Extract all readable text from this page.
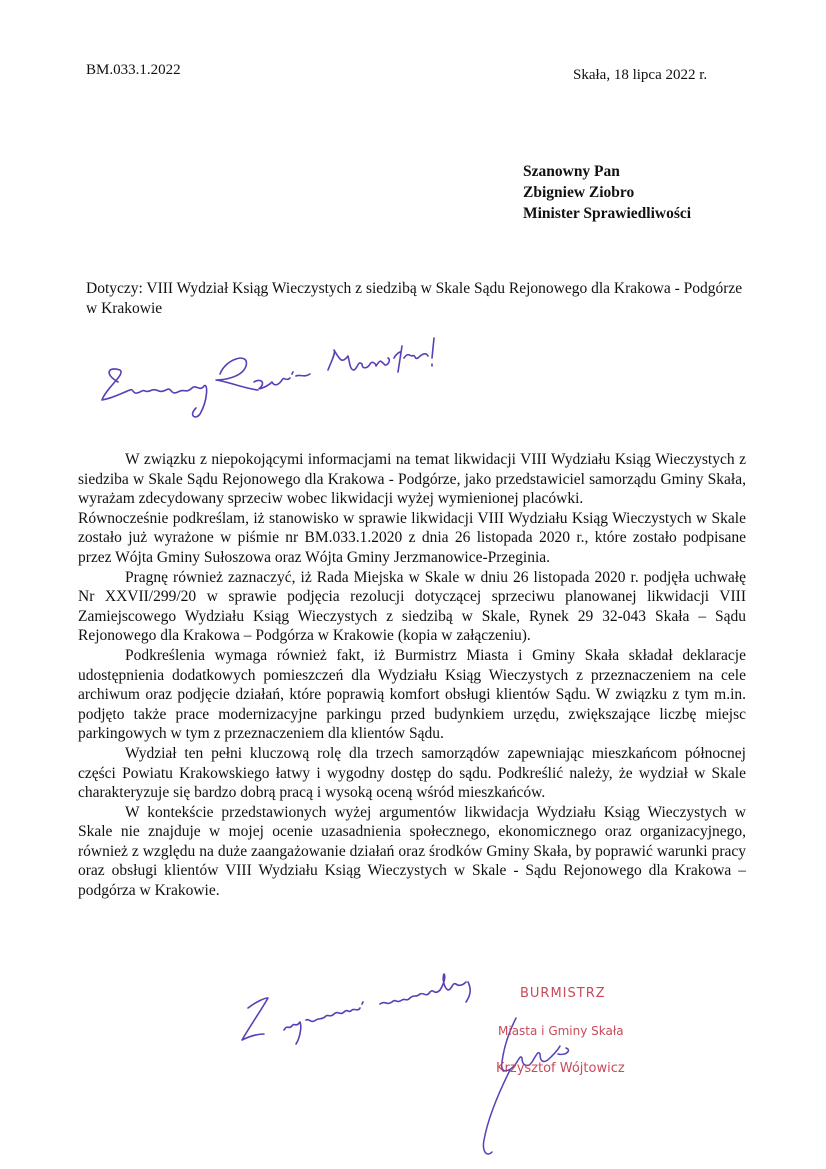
BM.033.1.2022	Skała, 18 lipca 2022 r.
Szanowny Pan
Zbigniew Ziobro
Minister Sprawiedliwości
Dotyczy: VIII Wydział Ksiąg Wieczystych z siedzibą w Skale Sądu Rejonowego dla Krakowa - Podgórze w Krakowie

W związku z niepokojącymi informacjami na temat likwidacji VIII Wydziału Ksiąg Wieczystych z siedziba w Skale Sądu Rejonowego dla Krakowa - Podgórze, jako przedstawiciel samorządu Gminy Skała, wyrażam zdecydowany sprzeciw wobec likwidacji wyżej wymienionej placówki.

Równocześnie podkreślam, iż stanowisko w sprawie likwidacji VIII Wydziału Ksiąg Wieczystych w Skale zostało już wyrażone w piśmie nr BM.033.1.2020 z dnia 26 listopada 2020 r., które zostało podpisane przez Wójta Gminy Sułoszowa oraz Wójta Gminy Jerzmanowice-Przeginia.

Pragnę również zaznaczyć, iż Rada Miejska w Skale w dniu 26 listopada 2020 r. podjęła uchwałę Nr XXVII/299/20 w sprawie podjęcia rezolucji dotyczącej sprzeciwu planowanej likwidacji VIII Zamiejscowego Wydziału Ksiąg Wieczystych z siedzibą w Skale, Rynek 29 32-043 Skała – Sądu Rejonowego dla Krakowa – Podgórza w Krakowie (kopia w załączeniu).

Podkreślenia wymaga również fakt, iż Burmistrz Miasta i Gminy Skała składał deklaracje udostępnienia dodatkowych pomieszczeń dla Wydziału Ksiąg Wieczystych z przeznaczeniem na cele archiwum oraz podjęcie działań, które poprawią komfort obsługi klientów Sądu. W związku z tym m.in. podjęto także prace modernizacyjne parkingu przed budynkiem urzędu, zwiększające liczbę miejsc parkingowych w tym z przeznaczeniem dla klientów Sądu.

Wydział ten pełni kluczową rolę dla trzech samorządów zapewniając mieszkańcom północnej części Powiatu Krakowskiego łatwy i wygodny dostęp do sądu. Podkreślić należy, że wydział w Skale charakteryzuje się bardzo dobrą pracą i wysoką oceną wśród mieszkańców.

W kontekście przedstawionych wyżej argumentów likwidacja Wydziału Ksiąg Wieczystych w Skale nie znajduje w mojej ocenie uzasadnienia społecznego, ekonomicznego oraz organizacyjnego, również z względu na duże zaangażowanie działań oraz środków Gminy Skała, by poprawić warunki pracy oraz obsługi klientów VIII Wydziału Ksiąg Wieczystych w Skale - Sądu Rejonowego dla Krakowa – podgórza w Krakowie.

BURMISTRZ
Miasta i Gminy Skała
Krzysztof Wójtowicz
